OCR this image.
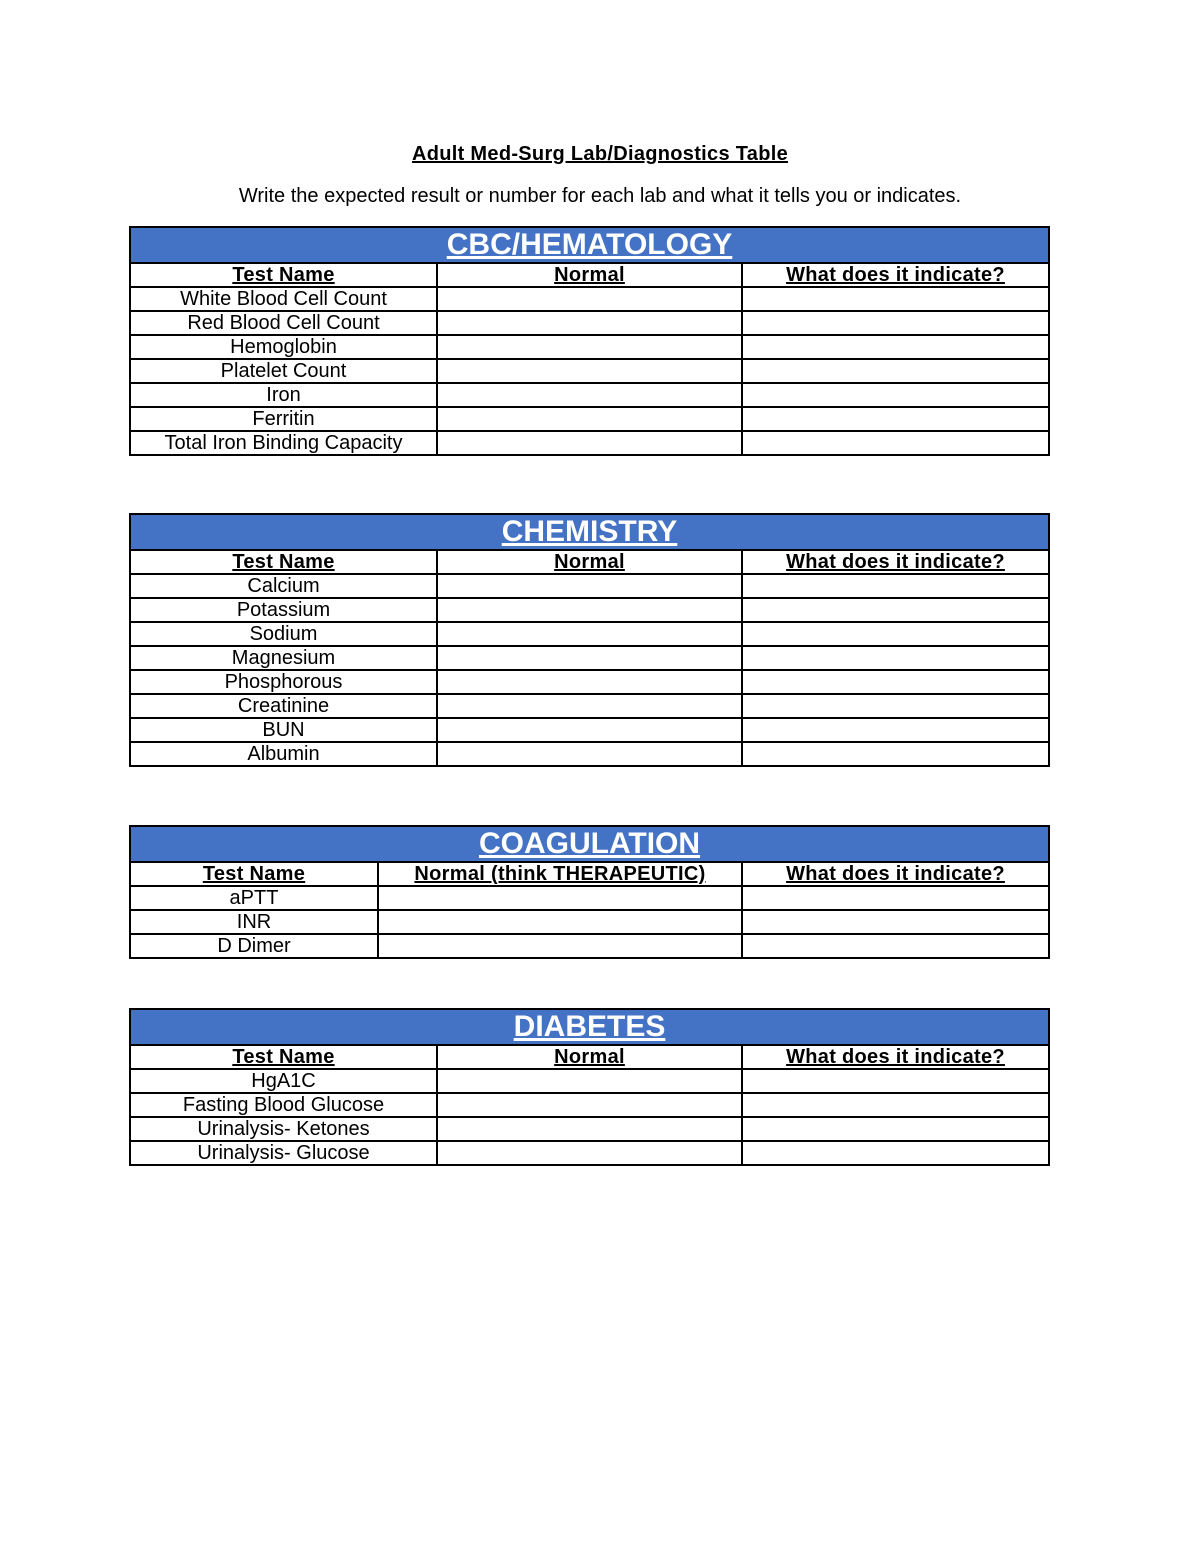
Adult Med-Surg Lab/Diagnostics Table
Write the expected result or number for each lab and what it tells you or indicates.
CBC/HEMATOLOGY		
Test Name	Normal	What does it indicate?
White Blood Cell Count		
Red Blood Cell Count		
Hemoglobin		
Platelet Count		
Iron		
Ferritin		
Total Iron Binding Capacity		
CHEMISTRY		
Test Name	Normal	What does it indicate?
Calcium		
Potassium		
Sodium		
Magnesium		
Phosphorous		
Creatinine		
BUN		
Albumin		
COAGULATION		
Test Name	Normal (think THERAPEUTIC)	What does it indicate?
aPTT		
INR		
D Dimer		
DIABETES		
Test Name	Normal	What does it indicate?
HgA1C		
Fasting Blood Glucose		
Urinalysis- Ketones		
Urinalysis- Glucose		
